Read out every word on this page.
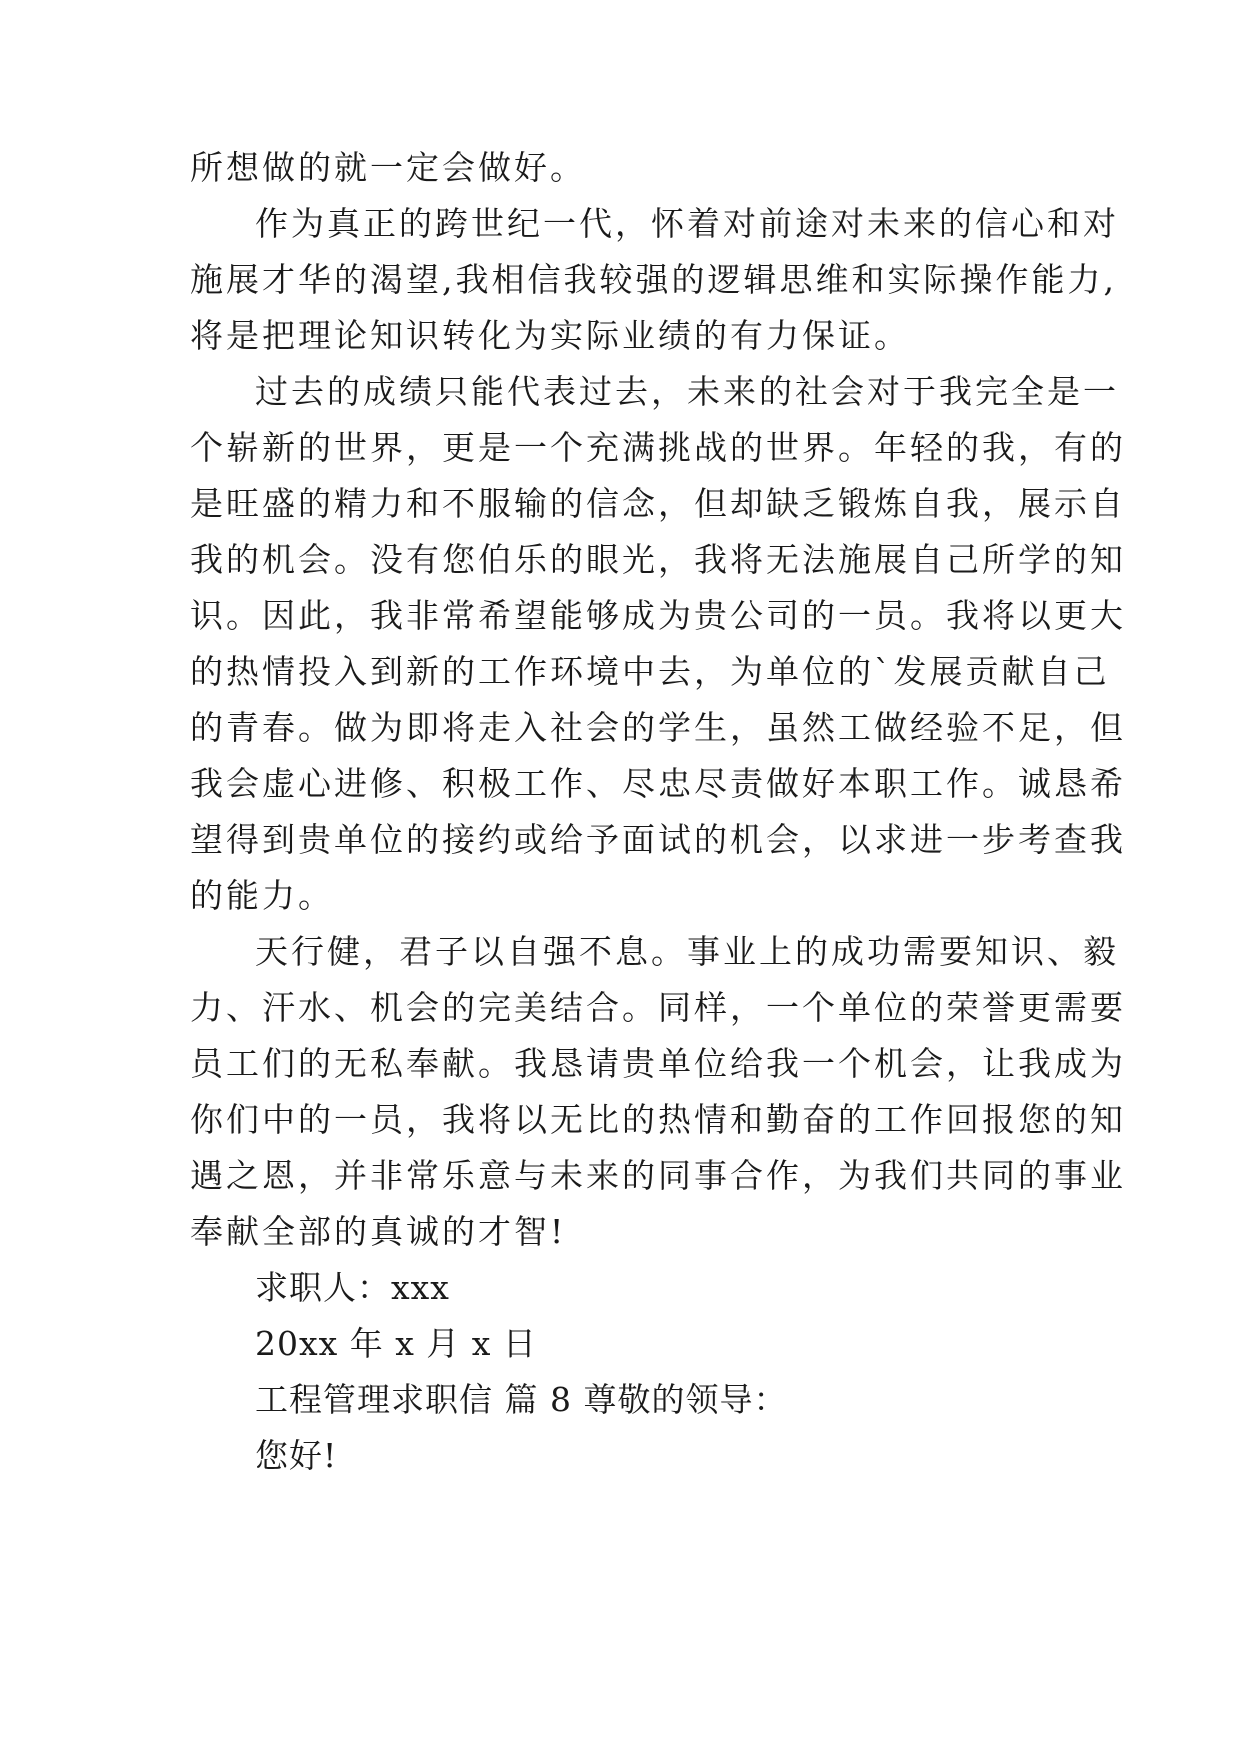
所想做的就一定会做好。
作为真正的跨世纪一代，怀着对前途对未来的信心和对
施展才华的渴望,我相信我较强的逻辑思维和实际操作能力,
将是把理论知识转化为实际业绩的有力保证。
过去的成绩只能代表过去，未来的社会对于我完全是一
个崭新的世界，更是一个充满挑战的世界。年轻的我，有的
是旺盛的精力和不服输的信念，但却缺乏锻炼自我，展示自
我的机会。没有您伯乐的眼光，我将无法施展自己所学的知
识。因此，我非常希望能够成为贵公司的一员。我将以更大
的热情投入到新的工作环境中去，为单位的`发展贡献自己
的青春。做为即将走入社会的学生，虽然工做经验不足，但
我会虚心进修、积极工作、尽忠尽责做好本职工作。诚恳希
望得到贵单位的接约或给予面试的机会，以求进一步考查我
的能力。
天行健，君子以自强不息。事业上的成功需要知识、毅
力、汗水、机会的完美结合。同样，一个单位的荣誉更需要
员工们的无私奉献。我恳请贵单位给我一个机会，让我成为
你们中的一员，我将以无比的热情和勤奋的工作回报您的知
遇之恩，并非常乐意与未来的同事合作，为我们共同的事业
奉献全部的真诚的才智!
求职人：xxx
20xx 年 x 月 x 日
工程管理求职信 篇 8 尊敬的领导：
您好!
